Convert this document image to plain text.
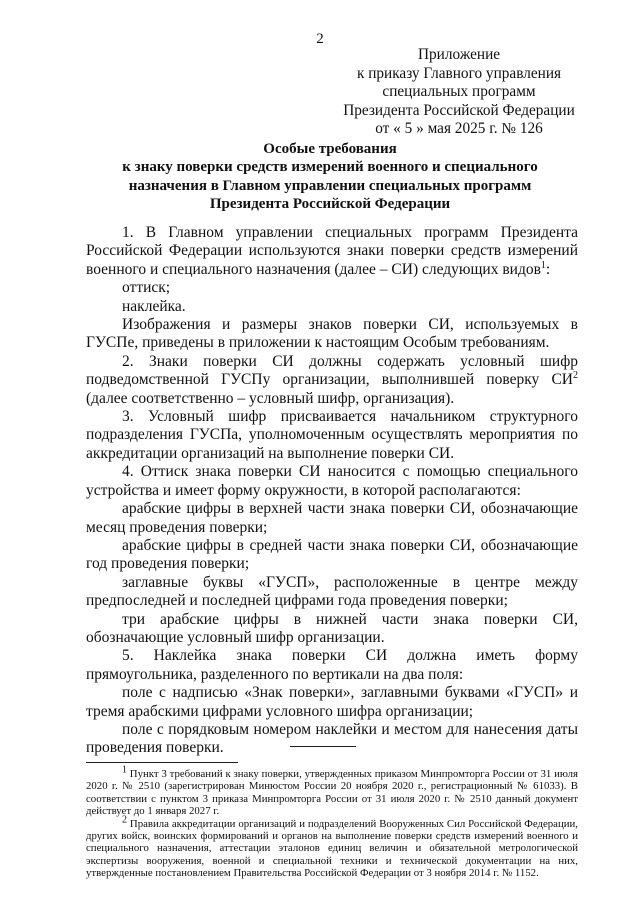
2
Приложение
к приказу Главного управления
специальных программ
Президента Российской Федерации
от « 5 » мая 2025 г. № 126
Особые требования
к знаку поверки средств измерений военного и специального
назначения в Главном управлении специальных программ
Президента Российской Федерации

1. В Главном управлении специальных программ Президента Российской Федерации используются знаки поверки средств измерений военного и специального назначения (далее – СИ) следующих видов$^1$:

оттиск;

наклейка.

Изображения и размеры знаков поверки СИ, используемых в ГУСПе, приведены в приложении к настоящим Особым требованиям.

2. Знаки поверки СИ должны содержать условный шифр подведомственной ГУСПу организации, выполнившей поверку $СИ^2$ (далее соответственно – условный шифр, организация).

3. Условный шифр присваивается начальником структурного подразделения ГУСПа, уполномоченным осуществлять мероприятия по аккредитации организаций на выполнение поверки СИ.

4. Оттиск знака поверки СИ наносится с помощью специального устройства и имеет форму окружности, в которой располагаются:

арабские цифры в верхней части знака поверки СИ, обозначающие месяц проведения поверки;

арабские цифры в средней части знака поверки СИ, обозначающие год проведения поверки;

заглавные буквы «ГУСП», расположенные в центре между предпоследней и последней цифрами года проведения поверки;

три арабские цифры в нижней части знака поверки СИ, обозначающие условный шифр организации.

5. Наклейка знака поверки СИ должна иметь форму прямоугольника, разделенного по вертикали на два поля:

поле с надписью «Знак поверки», заглавными буквами «ГУСП» и тремя арабскими цифрами условного шифра организации;

поле с порядковым номером наклейки и местом для нанесения даты проведения поверки.

$^1$ Пункт 3 требований к знаку поверки, утвержденных приказом Минпромторга России от 31 июля 2020 г. № 2510 (зарегистрирован Минюстом России 20 ноября 2020 г., регистрационный № 61033). В соответствии с пунктом 3 приказа Минпромторга России от 31 июля 2020 г. № 2510 данный документ действует до 1 января 2027 г.

$^2$ Правила аккредитации организаций и подразделений Вооруженных Сил Российской Федерации, других войск, воинских формирований и органов на выполнение поверки средств измерений военного и специального назначения, аттестации эталонов единиц величин и обязательной метрологической экспертизы вооружения, военной и специальной техники и технической документации на них, утвержденные постановлением Правительства Российской Федерации от 3 ноября 2014 г. № 1152.
